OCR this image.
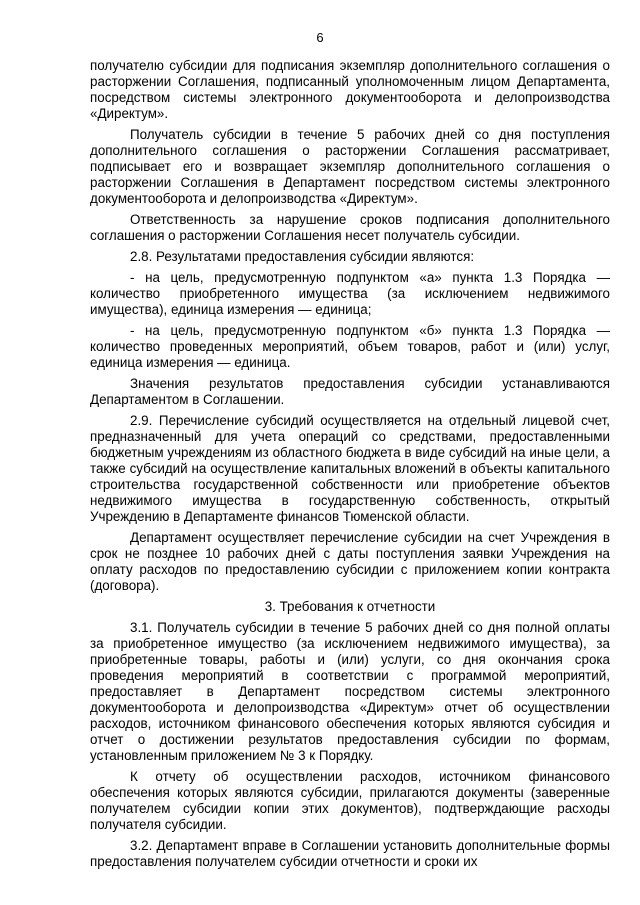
6

получателю субсидии для подписания экземпляр дополнительного соглашения о расторжении Соглашения, подписанный уполномоченным лицом Департамента, посредством системы электронного документооборота и делопроизводства «Директум».

Получатель субсидии в течение 5 рабочих дней со дня поступления дополнительного соглашения о расторжении Соглашения рассматривает, подписывает его и возвращает экземпляр дополнительного соглашения о расторжении Соглашения в Департамент посредством системы электронного документооборота и делопроизводства «Директум».

Ответственность за нарушение сроков подписания дополнительного соглашения о расторжении Соглашения несет получатель субсидии.

2.8. Результатами предоставления субсидии являются:

- на цель, предусмотренную подпунктом «а» пункта 1.3 Порядка — количество приобретенного имущества (за исключением недвижимого имущества), единица измерения — единица;

- на цель, предусмотренную подпунктом «б» пункта 1.3 Порядка — количество проведенных мероприятий, объем товаров, работ и (или) услуг, единица измерения — единица.

Значения результатов предоставления субсидии устанавливаются Департаментом в Соглашении.

2.9. Перечисление субсидий осуществляется на отдельный лицевой счет, предназначенный для учета операций со средствами, предоставленными бюджетным учреждениям из областного бюджета в виде субсидий на иные цели, а также субсидий на осуществление капитальных вложений в объекты капитального строительства государственной собственности или приобретение объектов недвижимого имущества в государственную собственность, открытый Учреждению в Департаменте финансов Тюменской области.

Департамент осуществляет перечисление субсидии на счет Учреждения в срок не позднее 10 рабочих дней с даты поступления заявки Учреждения на оплату расходов по предоставлению субсидии с приложением копии контракта (договора).

3. Требования к отчетности

3.1. Получатель субсидии в течение 5 рабочих дней со дня полной оплаты за приобретенное имущество (за исключением недвижимого имущества), за приобретенные товары, работы и (или) услуги, со дня окончания срока проведения мероприятий в соответствии с программой мероприятий, предоставляет в Департамент посредством системы электронного документооборота и делопроизводства «Директум» отчет об осуществлении расходов, источником финансового обеспечения которых являются субсидия и отчет о достижении результатов предоставления субсидии по формам, установленным приложением № 3 к Порядку.

К отчету об осуществлении расходов, источником финансового обеспечения которых являются субсидии, прилагаются документы (заверенные получателем субсидии копии этих документов), подтверждающие расходы получателя субсидии.

3.2. Департамент вправе в Соглашении установить дополнительные формы предоставления получателем субсидии отчетности и сроки их
